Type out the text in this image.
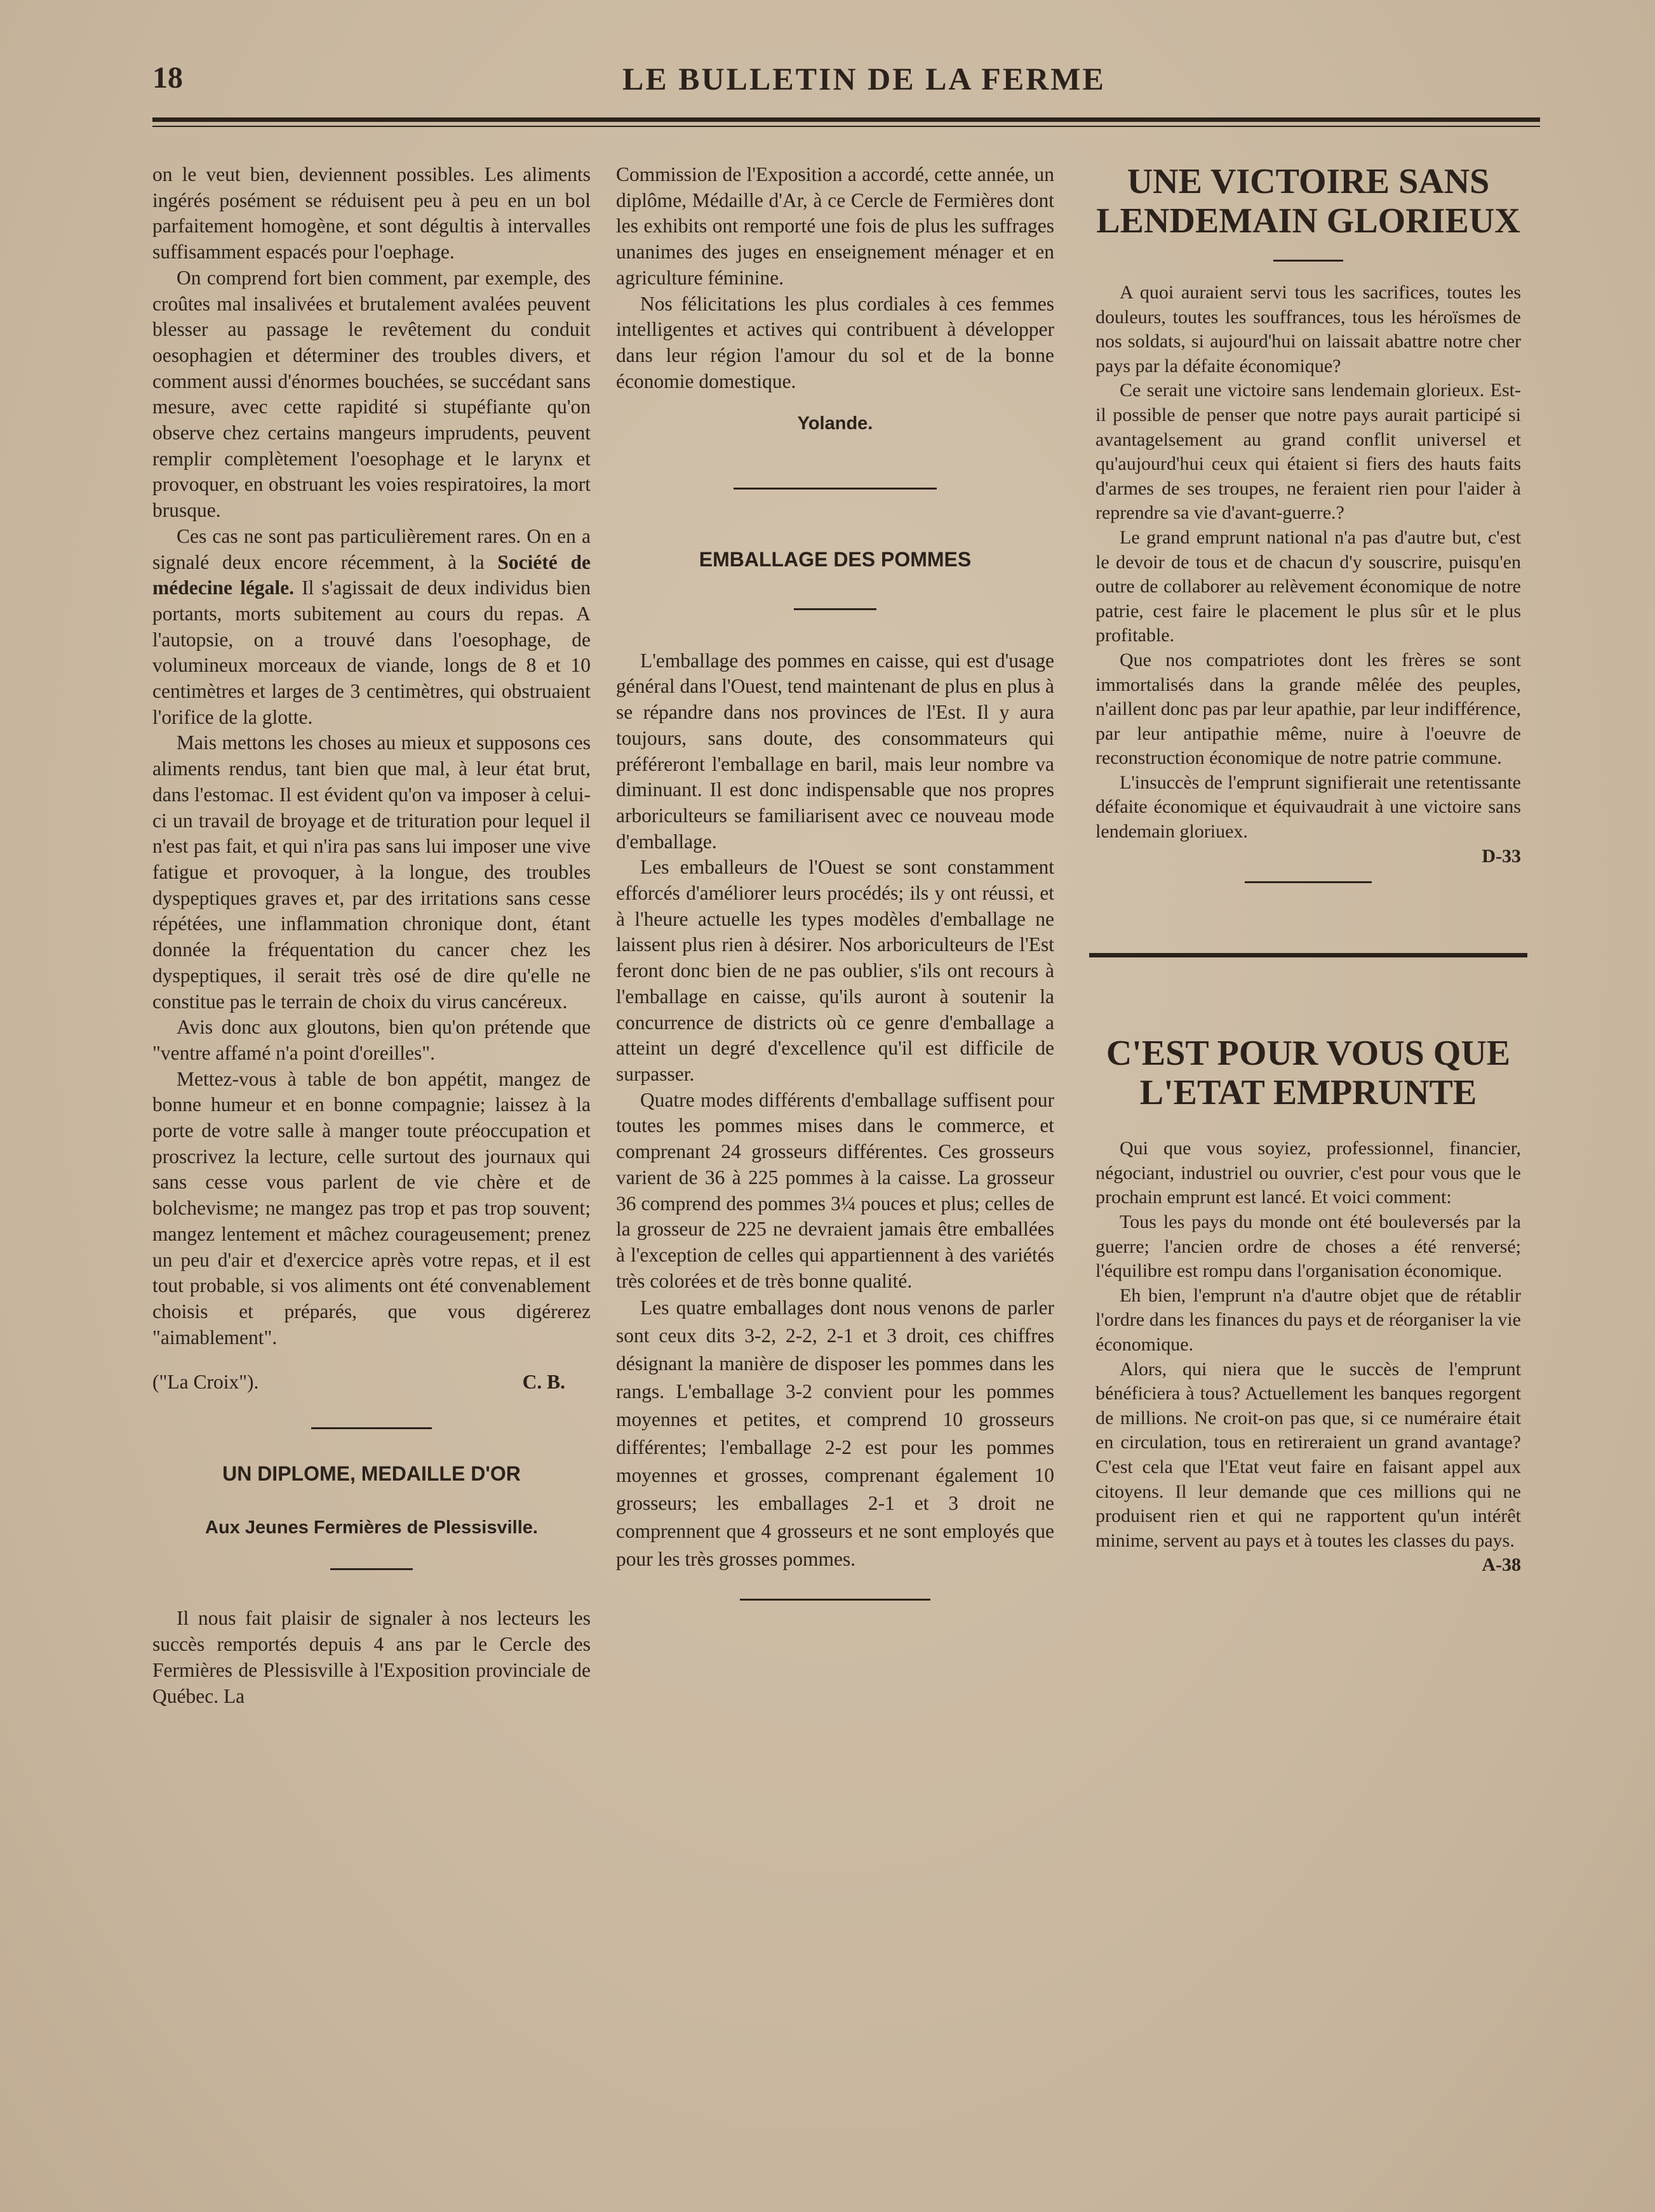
18	LE BULLETIN DE LA FERME

on le veut bien, deviennent possibles. Les aliments ingérés posément se réduisent peu à peu en un bol parfaitement homogène, et sont dégultis à intervalles suffisamment espacés pour l'oephage.

On comprend fort bien comment, par exemple, des croûtes mal insalivées et brutalement avalées peuvent blesser au passage le revêtement du conduit oesophagien et déterminer des troubles divers, et comment aussi d'énormes bouchées, se succédant sans mesure, avec cette rapidité si stupéfiante qu'on observe chez certains mangeurs imprudents, peuvent remplir complètement l'oesophage et le larynx et provoquer, en obstruant les voies respiratoires, la mort brusque.

Ces cas ne sont pas particulièrement rares. On en a signalé deux encore récemment, à la Société de médecine légale. Il s'agissait de deux individus bien portants, morts subitement au cours du repas. A l'autopsie, on a trouvé dans l'oesophage, de volumineux morceaux de viande, longs de 8 et 10 centimètres et larges de 3 centimètres, qui obstruaient l'orifice de la glotte.

Mais mettons les choses au mieux et supposons ces aliments rendus, tant bien que mal, à leur état brut, dans l'estomac. Il est évident qu'on va imposer à celui-ci un travail de broyage et de trituration pour lequel il n'est pas fait, et qui n'ira pas sans lui imposer une vive fatigue et provoquer, à la longue, des troubles dyspeptiques graves et, par des irritations sans cesse répétées, une inflammation chronique dont, étant donnée la fréquentation du cancer chez les dyspeptiques, il serait très osé de dire qu'elle ne constitue pas le terrain de choix du virus cancéreux.

Avis donc aux gloutons, bien qu'on prétende que "ventre affamé n'a point d'oreilles".

Mettez-vous à table de bon appétit, mangez de bonne humeur et en bonne compagnie; laissez à la porte de votre salle à manger toute préoccupation et proscrivez la lecture, celle surtout des journaux qui sans cesse vous parlent de vie chère et de bolchevisme; ne mangez pas trop et pas trop souvent; mangez lentement et mâchez courageusement; prenez un peu d'air et d'exercice après votre repas, et il est tout probable, si vos aliments ont été convenablement choisis et préparés, que vous digérerez "aimablement".

("La Croix").	C. B.
UN DIPLOME, MEDAILLE D'OR
Aux Jeunes Fermières de Plessisville.

Il nous fait plaisir de signaler à nos lecteurs les succès remportés depuis 4 ans par le Cercle des Fermières de Plessisville à l'Exposition provinciale de Québec. La

Commission de l'Exposition a accordé, cette année, un diplôme, Médaille d'Ar, à ce Cercle de Fermières dont les exhibits ont remporté une fois de plus les suffrages unanimes des juges en enseignement ménager et en agriculture féminine.

Nos félicitations les plus cordiales à ces femmes intelligentes et actives qui contribuent à développer dans leur région l'amour du sol et de la bonne économie domestique.

Yolande.
EMBALLAGE DES POMMES

L'emballage des pommes en caisse, qui est d'usage général dans l'Ouest, tend maintenant de plus en plus à se répandre dans nos provinces de l'Est. Il y aura toujours, sans doute, des consommateurs qui préféreront l'emballage en baril, mais leur nombre va diminuant. Il est donc indispensable que nos propres arboriculteurs se familiarisent avec ce nouveau mode d'emballage.

Les emballeurs de l'Ouest se sont constamment efforcés d'améliorer leurs procédés; ils y ont réussi, et à l'heure actuelle les types modèles d'emballage ne laissent plus rien à désirer. Nos arboriculteurs de l'Est feront donc bien de ne pas oublier, s'ils ont recours à l'emballage en caisse, qu'ils auront à soutenir la concurrence de districts où ce genre d'emballage a atteint un degré d'excellence qu'il est difficile de surpasser.

Quatre modes différents d'emballage suffisent pour toutes les pommes mises dans le commerce, et comprenant 24 grosseurs différentes. Ces grosseurs varient de 36 à 225 pommes à la caisse. La grosseur 36 comprend des pommes 3¼ pouces et plus; celles de la grosseur de 225 ne devraient jamais être emballées à l'exception de celles qui appartiennent à des variétés très colorées et de très bonne qualité.

Les quatre emballages dont nous venons de parler sont ceux dits 3-2, 2-2, 2-1 et 3 droit, ces chiffres désignant la manière de disposer les pommes dans les rangs. L'emballage 3-2 convient pour les pommes moyennes et petites, et comprend 10 grosseurs différentes; l'emballage 2-2 est pour les pommes moyennes et grosses, comprenant également 10 grosseurs; les emballages 2-1 et 3 droit ne comprennent que 4 grosseurs et ne sont employés que pour les très grosses pommes.

UNE VICTOIRE SANS LENDEMAIN GLORIEUX

A quoi auraient servi tous les sacrifices, toutes les douleurs, toutes les souffrances, tous les héroïsmes de nos soldats, si aujourd'hui on laissait abattre notre cher pays par la défaite économique?

Ce serait une victoire sans lendemain glorieux. Est-il possible de penser que notre pays aurait participé si avantagelsement au grand conflit universel et qu'aujourd'hui ceux qui étaient si fiers des hauts faits d'armes de ses troupes, ne feraient rien pour l'aider à reprendre sa vie d'avant-guerre.?

Le grand emprunt national n'a pas d'autre but, c'est le devoir de tous et de chacun d'y souscrire, puisqu'en outre de collaborer au relèvement économique de notre patrie, cest faire le placement le plus sûr et le plus profitable.

Que nos compatriotes dont les frères se sont immortalisés dans la grande mêlée des peuples, n'aillent donc pas par leur apathie, par leur indifférence, par leur antipathie même, nuire à l'oeuvre de reconstruction économique de notre patrie commune.

L'insuccès de l'emprunt signifierait une retentissante défaite économique et équivaudrait à une victoire sans lendemain gloriuex.

D-33
C'EST POUR VOUS QUE L'ETAT EMPRUNTE

Qui que vous soyiez, professionnel, financier, négociant, industriel ou ouvrier, c'est pour vous que le prochain emprunt est lancé. Et voici comment:

Tous les pays du monde ont été bouleversés par la guerre; l'ancien ordre de choses a été renversé; l'équilibre est rompu dans l'organisation économique.

Eh bien, l'emprunt n'a d'autre objet que de rétablir l'ordre dans les finances du pays et de réorganiser la vie économique.

Alors, qui niera que le succès de l'emprunt bénéficiera à tous? Actuellement les banques regorgent de millions. Ne croit-on pas que, si ce numéraire était en circulation, tous en retireraient un grand avantage? C'est cela que l'Etat veut faire en faisant appel aux citoyens. Il leur demande que ces millions qui ne produisent rien et qui ne rapportent qu'un intérêt minime, servent au pays et à toutes les classes du pays.

A-38
